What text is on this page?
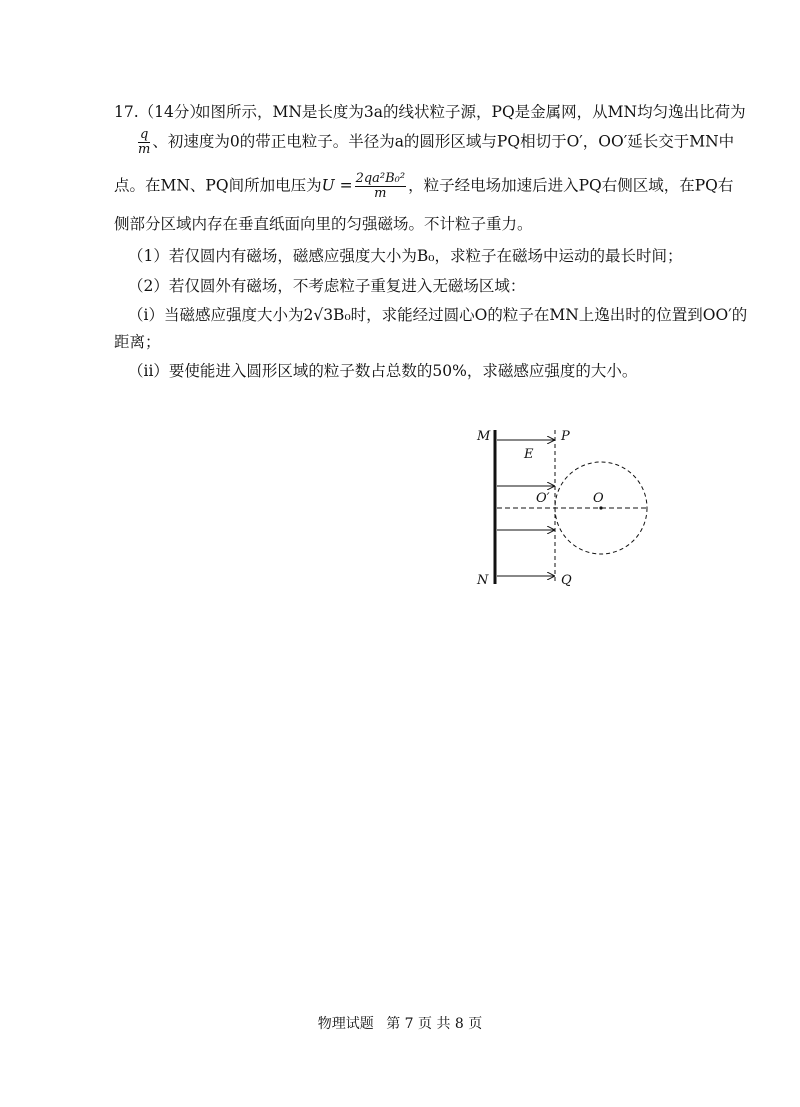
17.（14分）
如图所示，MN是长度为3a的线状粒子源，PQ是金属网，从MN均匀逸出比荷为
$\frac{q}{m}$ 、初速度为0的带正电粒子。半径为a的圆形区域与PQ相切于O′，OO′延长交于MN中
点。在MN、PQ间所加电压为$U = \frac{\text{2qa²B₀²}}{m}$ ，粒子经电场加速后进入PQ右侧区域，在PQ右
侧部分区域内存在垂直纸面向里的匀强磁场。不计粒子重力。
（1）若仅圆内有磁场，磁感应强度大小为B₀，求粒子在磁场中运动的最长时间；
（2）若仅圆外有磁场，不考虑粒子重复进入无磁场区域：
（i）当磁感应强度大小为2√3B₀时，求能经过圆心O的粒子在MN上逸出时的位置到OO′的
距离；
（ii）要使能进入圆形区域的粒子数占总数的50%，求磁感应强度的大小。
M
N
P
Q
E
O′	O
物理试题 第 7 页 共 8 页
